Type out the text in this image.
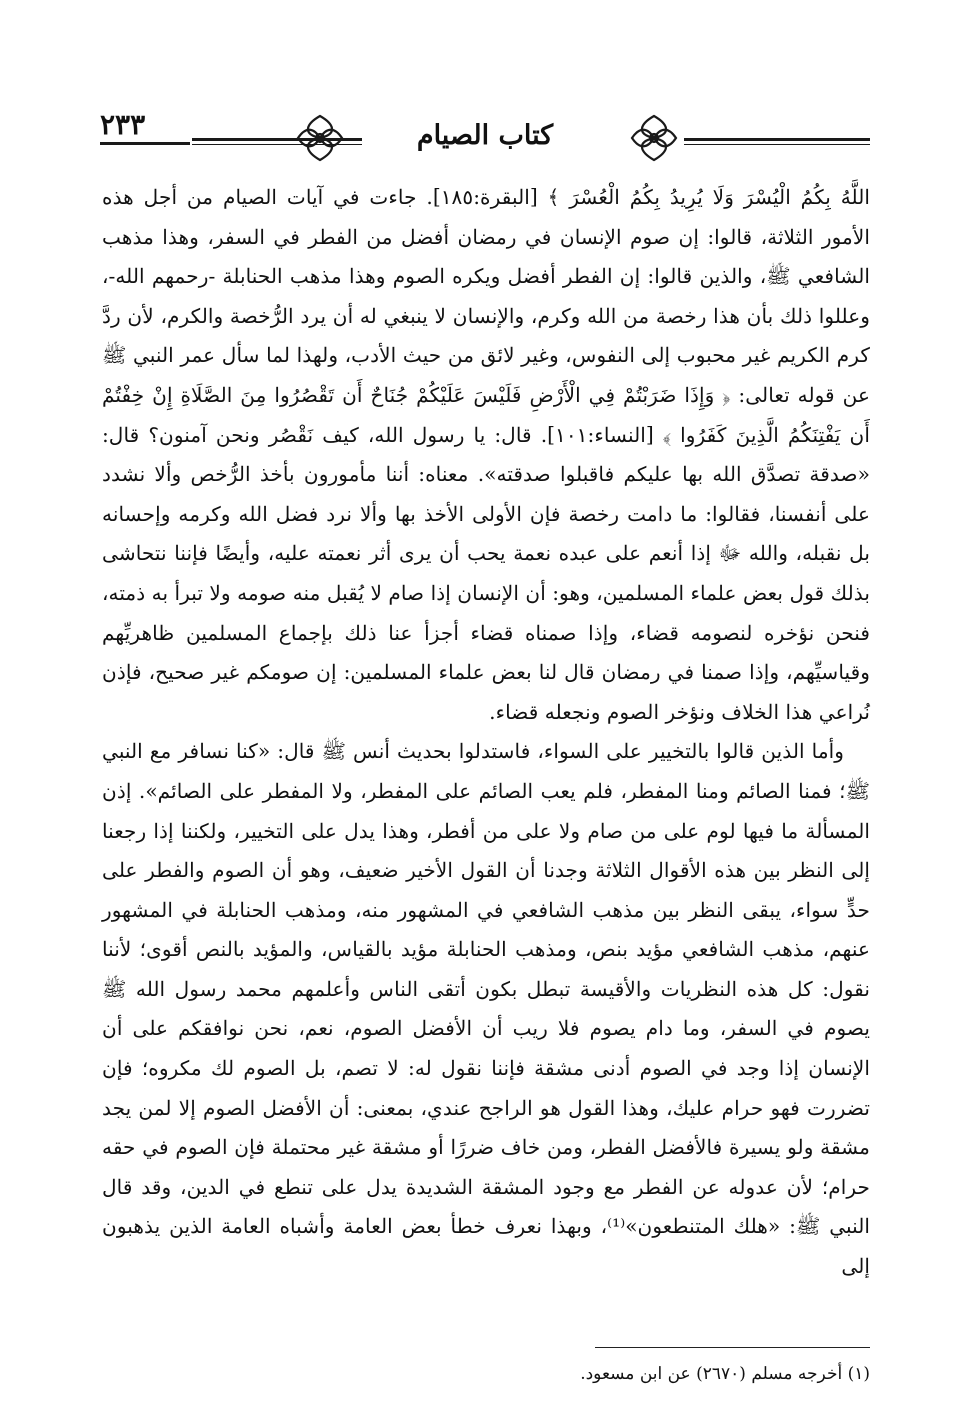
٢٣٣	كتاب الصيام

اللَّهُ بِكُمُ الْيُسْرَ وَلَا يُرِيدُ بِكُمُ الْعُسْرَ ﴾ [البقرة:١٨٥]. جاءت في آيات الصيام من أجل هذه الأمور الثلاثة، قالوا: إن صوم الإنسان في رمضان أفضل من الفطر في السفر، وهذا مذهب الشافعي ﷺ، والذين قالوا: إن الفطر أفضل ويكره الصوم وهذا مذهب الحنابلة -رحمهم الله-، وعللوا ذلك بأن هذا رخصة من الله وكرم، والإنسان لا ينبغي له أن يرد الرُّخصة والكرم، لأن ردَّ كرم الكريم غير محبوب إلى النفوس، وغير لائق من حيث الأدب، ولهذا لما سأل عمر النبي ﷺ عن قوله تعالى: ﴿ وَإِذَا ضَرَبْتُمْ فِي الْأَرْضِ فَلَيْسَ عَلَيْكُمْ جُنَاحٌ أَن تَقْصُرُوا مِنَ الصَّلَاةِ إِنْ خِفْتُمْ أَن يَفْتِنَكُمُ الَّذِينَ كَفَرُوا ﴾ [النساء:١٠١]. قال: يا رسول الله، كيف نَقْصُر ونحن آمنون؟ قال: «صدقة تصدَّق الله بها عليكم فاقبلوا صدقته». معناه: أننا مأمورون بأخذ الرُّخص وألا نشدد على أنفسنا، فقالوا: ما دامت رخصة فإن الأولى الأخذ بها وألا نرد فضل الله وكرمه وإحسانه بل نقبله، والله ﷻ إذا أنعم على عبده نعمة يحب أن يرى أثر نعمته عليه، وأيضًا فإننا نتحاشى بذلك قول بعض علماء المسلمين، وهو: أن الإنسان إذا صام لا يُقبل منه صومه ولا تبرأ به ذمته، فنحن نؤخره لنصومه قضاء، وإذا صمناه قضاء أجزأ عنا ذلك بإجماع المسلمين ظاهريِّهم وقياسيِّهم، وإذا صمنا في رمضان قال لنا بعض علماء المسلمين: إن صومكم غير صحيح، فإذن نُراعي هذا الخلاف ونؤخر الصوم ونجعله قضاء.

وأما الذين قالوا بالتخيير على السواء، فاستدلوا بحديث أنس ﷺ قال: «كنا نسافر مع النبي ﷺ؛ فمنا الصائم ومنا المفطر، فلم يعب الصائم على المفطر، ولا المفطر على الصائم». إذن المسألة ما فيها لوم على من صام ولا على من أفطر، وهذا يدل على التخيير، ولكننا إذا رجعنا إلى النظر بين هذه الأقوال الثلاثة وجدنا أن القول الأخير ضعيف، وهو أن الصوم والفطر على حدٍّ سواء، يبقى النظر بين مذهب الشافعي في المشهور منه، ومذهب الحنابلة في المشهور عنهم، مذهب الشافعي مؤيد بنص، ومذهب الحنابلة مؤيد بالقياس، والمؤيد بالنص أقوى؛ لأننا نقول: كل هذه النظريات والأقيسة تبطل بكون أتقى الناس وأعلمهم محمد رسول الله ﷺ يصوم في السفر، وما دام يصوم فلا ريب أن الأفضل الصوم، نعم، نحن نوافقكم على أن الإنسان إذا وجد في الصوم أدنى مشقة فإننا نقول له: لا تصم، بل الصوم لك مكروه؛ فإن تضررت فهو حرام عليك، وهذا القول هو الراجح عندي، بمعنى: أن الأفضل الصوم إلا لمن يجد مشقة ولو يسيرة فالأفضل الفطر، ومن خاف ضررًا أو مشقة غير محتملة فإن الصوم في حقه حرام؛ لأن عدوله عن الفطر مع وجود المشقة الشديدة يدل على تنطع في الدين، وقد قال النبي ﷺ: «هلك المتنطعون»⁽¹⁾، وبهذا نعرف خطأ بعض العامة وأشباه العامة الذين يذهبون إلى

(١) أخرجه مسلم (٢٦٧٠) عن ابن مسعود.
